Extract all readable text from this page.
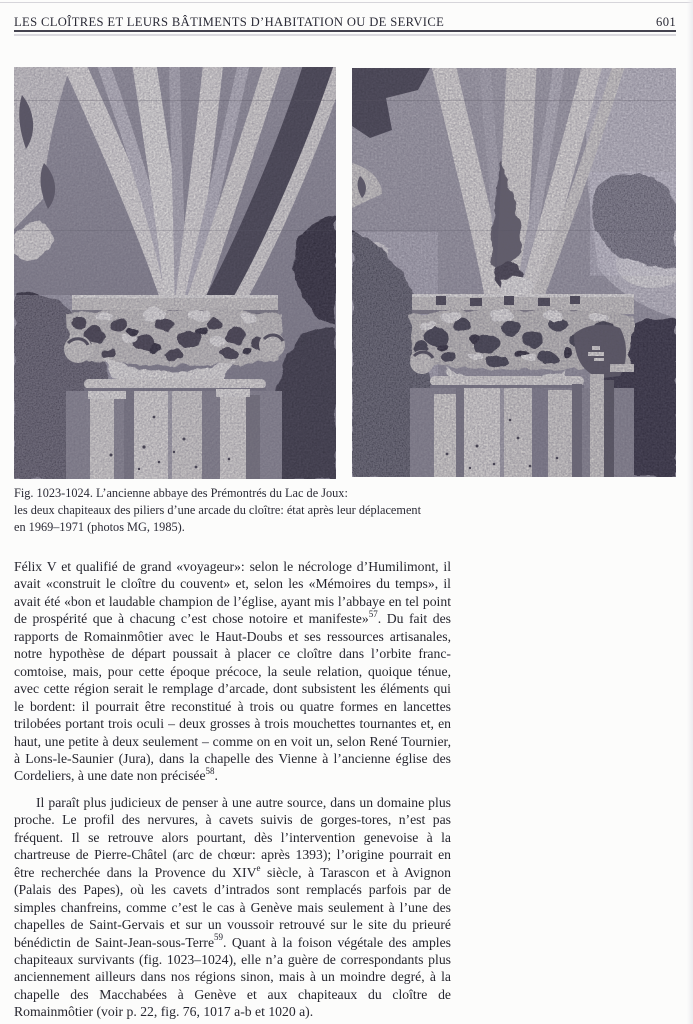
LES CLOÎTRES ET LEURS BÂTIMENTS D’HABITATION OU DE SERVICE	601
Fig. 1023-1024. L’ancienne abbaye des Prémontrés du Lac de Joux:
les deux chapiteaux des piliers d’une arcade du cloître: état après leur déplacement
en 1969–1971 (photos MG, 1985).

Félix V et qualifié de grand «voyageur»: selon le nécrologe d’Humilimont, il avait «construit le cloître du couvent» et, selon les «Mémoires du temps», il avait été «bon et laudable champion de l’église, ayant mis l’abbaye en tel point de prospérité que à chacung c’est chose notoire et manifeste»$^{57}$. Du fait des rapports de Romainmôtier avec le Haut-Doubs et ses ressources artisanales, notre hypothèse de départ poussait à placer ce cloître dans l’orbite franc-comtoise, mais, pour cette époque précoce, la seule relation, quoique ténue, avec cette région serait le remplage d’arcade, dont subsistent les éléments qui le bordent: il pourrait être reconstitué à trois ou quatre formes en lancettes trilobées portant trois oculi – deux grosses à trois mouchettes tournantes et, en haut, une petite à deux seulement – comme on en voit un, selon René Tournier, à Lons-le-Saunier (Jura), dans la chapelle des Vienne à l’ancienne église des Cordeliers, à une date non précisée$^{58}$.

Il paraît plus judicieux de penser à une autre source, dans un domaine plus proche. Le profil des nervures, à cavets suivis de gorges-tores, n’est pas fréquent. Il se retrouve alors pourtant, dès l’intervention genevoise à la chartreuse de Pierre-Châtel (arc de chœur: après 1393); l’origine pourrait en être recherchée dans la Provence du XIVe siècle, à Tarascon et à Avignon (Palais des Papes), où les cavets d’intrados sont remplacés parfois par de simples chanfreins, comme c’est le cas à Genève mais seulement à l’une des chapelles de Saint-Gervais et sur un voussoir retrouvé sur le site du prieuré bénédictin de Saint-Jean-sous-Terre$^{59}$. Quant à la foison végétale des amples chapiteaux survivants (fig. 1023–1024), elle n’a guère de correspondants plus anciennement ailleurs dans nos régions sinon, mais à un moindre degré, à la chapelle des Macchabées à Genève et aux chapiteaux du cloître de Romainmôtier (voir p. 22, fig. 76, 1017 a-b et 1020 a).
